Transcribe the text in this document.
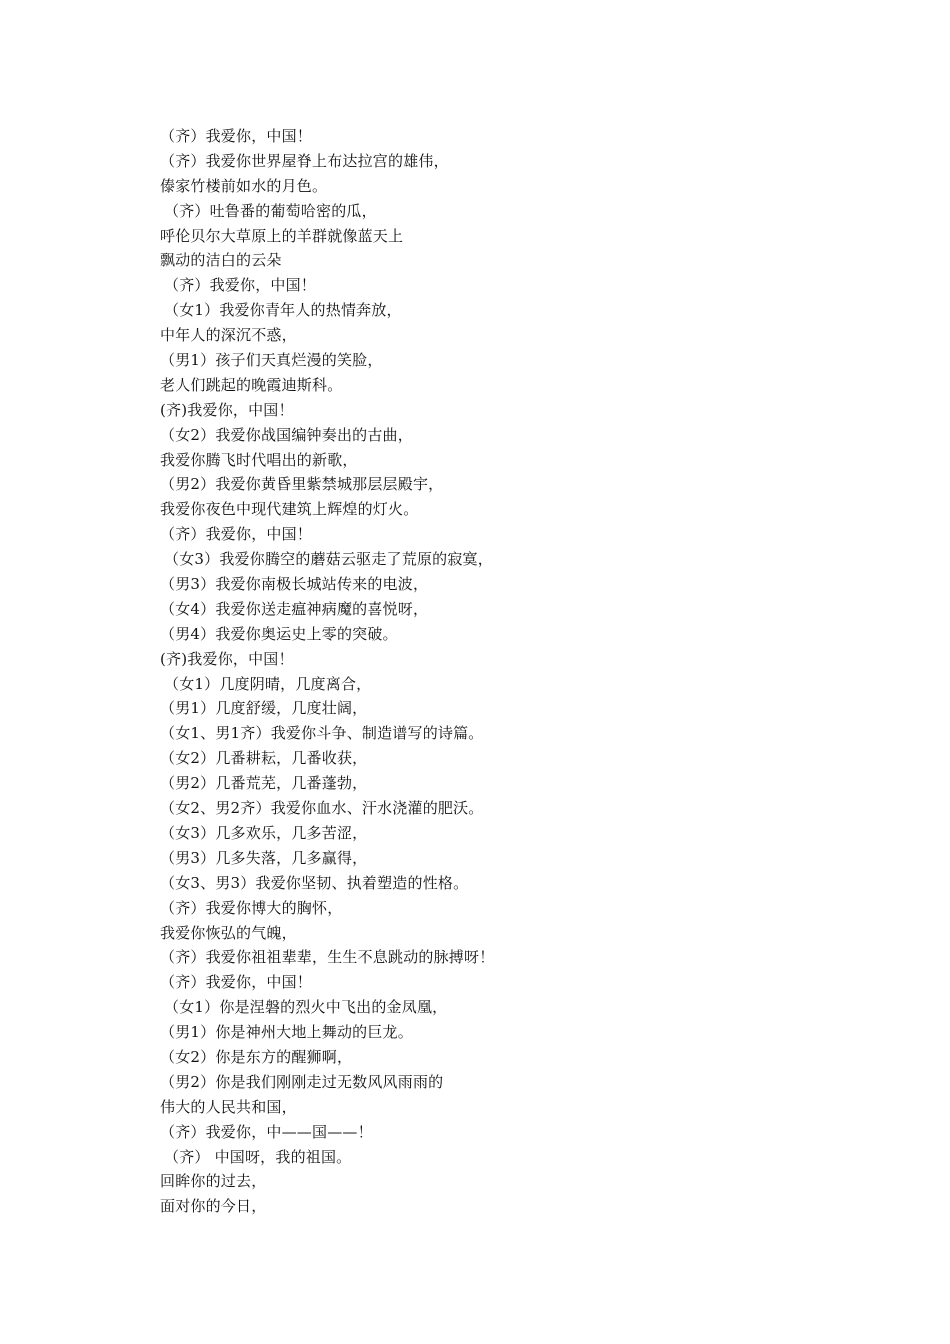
（齐）我爱你，中国！
（齐）我爱你世界屋脊上布达拉宫的雄伟，
傣家竹楼前如水的月色。
（齐）吐鲁番的葡萄哈密的瓜，
呼伦贝尔大草原上的羊群就像蓝天上
飘动的洁白的云朵
（齐）我爱你，中国！
（女1）我爱你青年人的热情奔放，
中年人的深沉不惑，
（男1）孩子们天真烂漫的笑脸，
老人们跳起的晚霞迪斯科。
(齐)我爱你，中国！
（女2）我爱你战国编钟奏出的古曲，
我爱你腾飞时代唱出的新歌，
（男2）我爱你黄昏里紫禁城那层层殿宇，
我爱你夜色中现代建筑上辉煌的灯火。
（齐）我爱你，中国！
（女3）我爱你腾空的蘑菇云驱走了荒原的寂寞，
（男3）我爱你南极长城站传来的电波，
（女4）我爱你送走瘟神病魔的喜悦呀，
（男4）我爱你奥运史上零的突破。
(齐)我爱你，中国！
（女1）几度阴晴，几度离合，
（男1）几度舒缓，几度壮阔，
（女1、男1齐）我爱你斗争、制造谱写的诗篇。
（女2）几番耕耘，几番收获，
（男2）几番荒芜，几番蓬勃，
（女2、男2齐）我爱你血水、汗水浇灌的肥沃。
（女3）几多欢乐，几多苦涩，
（男3）几多失落，几多赢得，
（女3、男3）我爱你坚韧、执着塑造的性格。
（齐）我爱你博大的胸怀，
我爱你恢弘的气魄，
（齐）我爱你祖祖辈辈，生生不息跳动的脉搏呀！
（齐）我爱你，中国！
（女1）你是涅磐的烈火中飞出的金凤凰，
（男1）你是神州大地上舞动的巨龙。
（女2）你是东方的醒狮啊，
（男2）你是我们刚刚走过无数风风雨雨的
伟大的人民共和国，
（齐）我爱你，中——国——！
（齐） 中国呀，我的祖国。
回眸你的过去，
面对你的今日，
